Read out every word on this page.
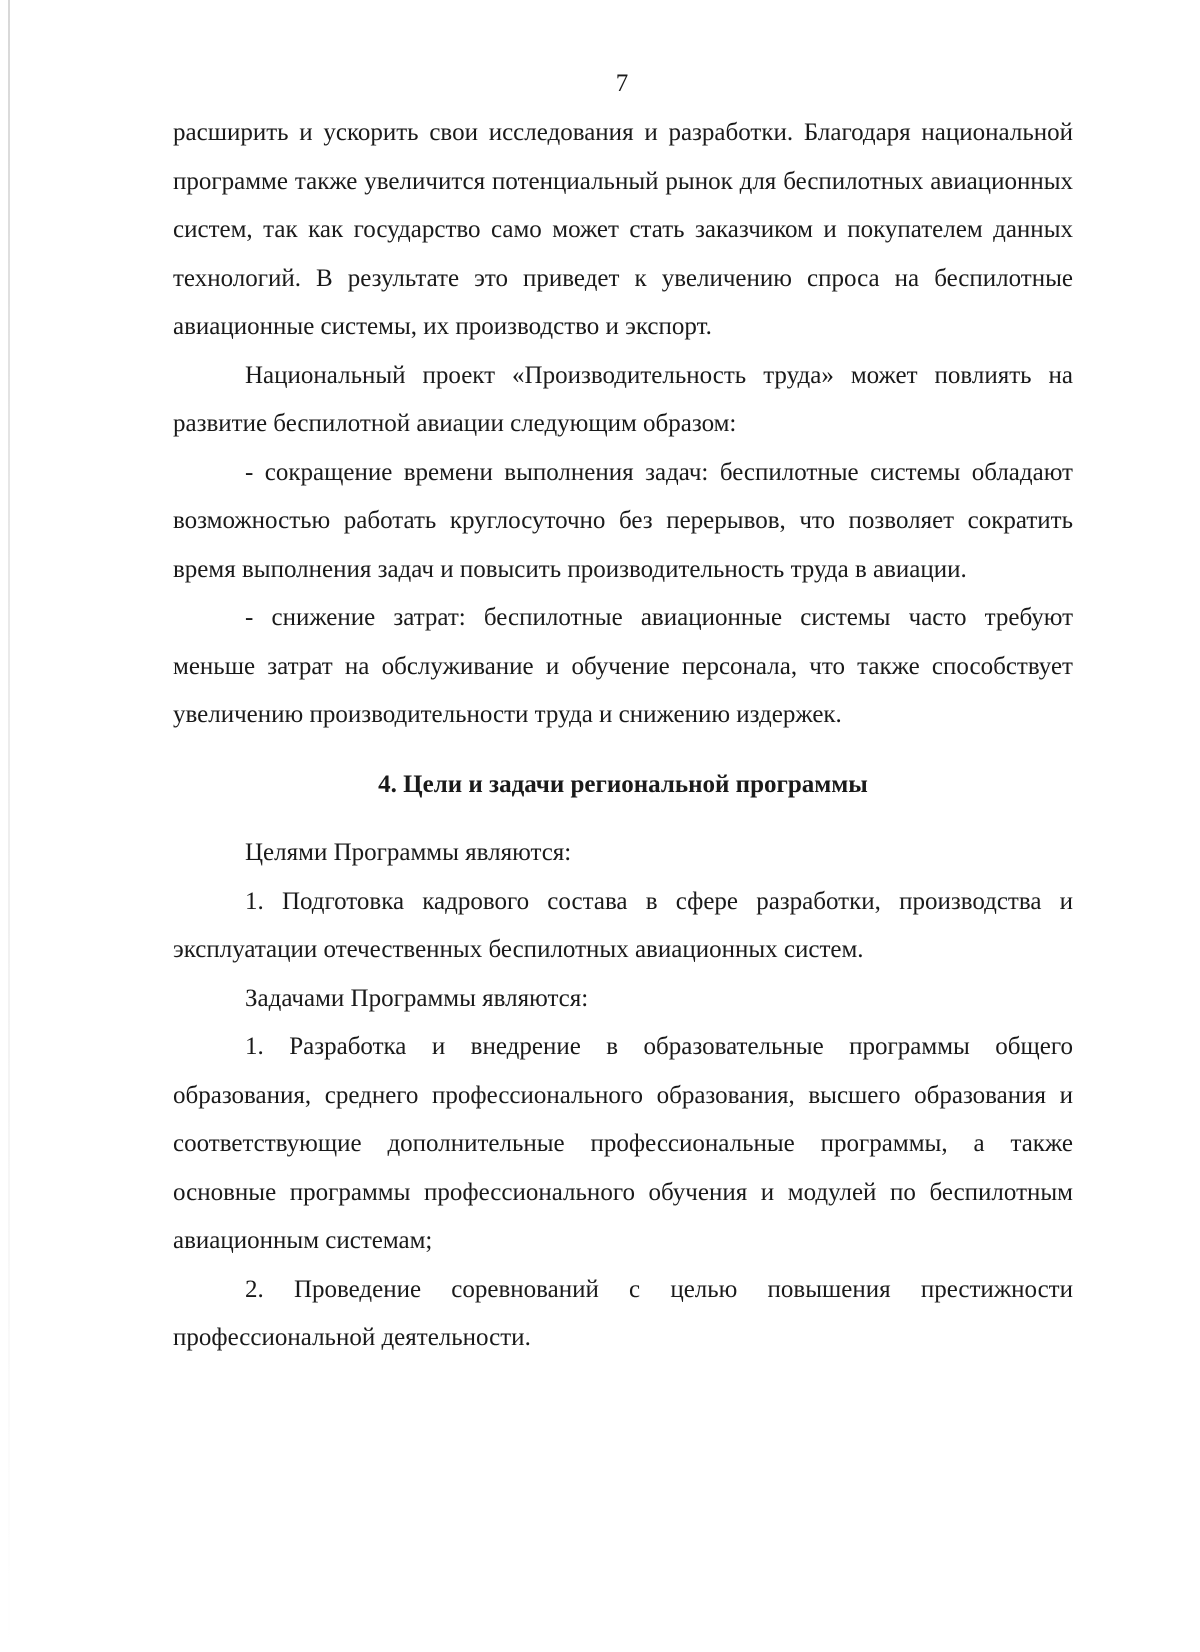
7

расширить и ускорить свои исследования и разработки. Благодаря национальной программе также увеличится потенциальный рынок для беспилотных авиационных систем, так как государство само может стать заказчиком и покупателем данных технологий. В результате это приведет к увеличению спроса на беспилотные авиационные системы, их производство и экспорт.

Национальный проект «Производительность труда» может повлиять на развитие беспилотной авиации следующим образом:

- сокращение времени выполнения задач: беспилотные системы обладают возможностью работать круглосуточно без перерывов, что позволяет сократить время выполнения задач и повысить производительность труда в авиации.

- снижение затрат: беспилотные авиационные системы часто требуют меньше затрат на обслуживание и обучение персонала, что также способствует увеличению производительности труда и снижению издержек.

4. Цели и задачи региональной программы

Целями Программы являются:

1. Подготовка кадрового состава в сфере разработки, производства и эксплуатации отечественных беспилотных авиационных систем.

Задачами Программы являются:

1. Разработка и внедрение в образовательные программы общего образования, среднего профессионального образования, высшего образования и соответствующие дополнительные профессиональные программы, а также основные программы профессионального обучения и модулей по беспилотным авиационным системам;

2. Проведение соревнований с целью повышения престижности профессиональной деятельности.
